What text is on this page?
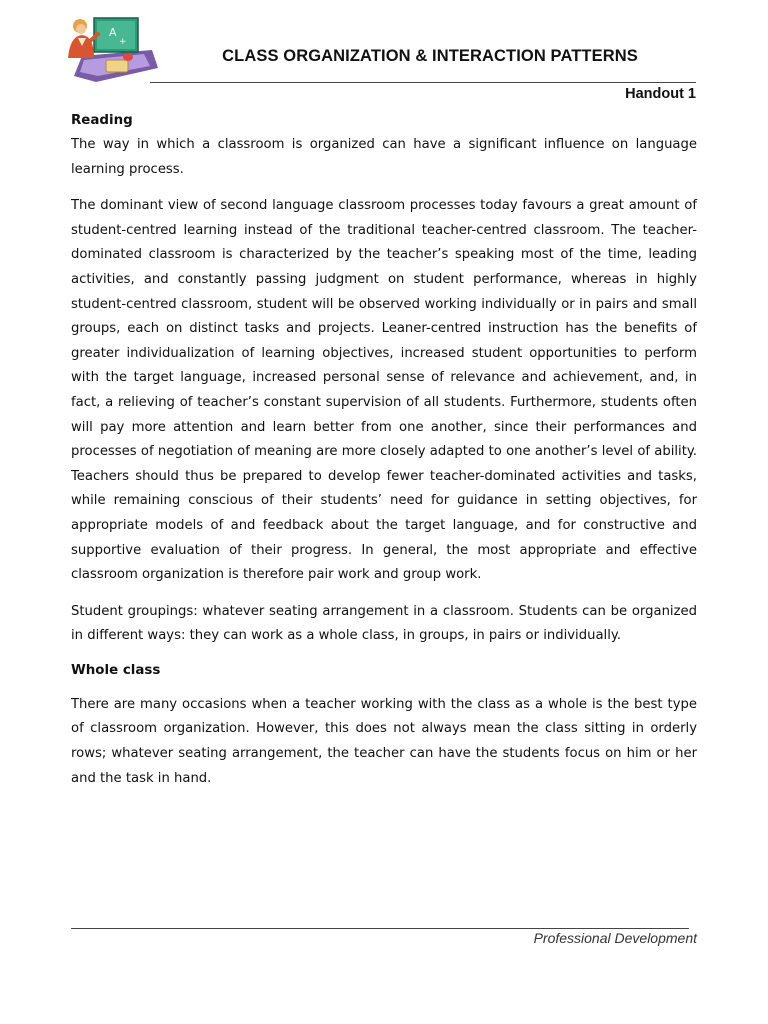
A
+
CLASS ORGANIZATION & INTERACTION PATTERNS
Handout 1
Reading

The way in which a classroom is organized can have a significant influence on language learning process.

The dominant view of second language classroom processes today favours a great amount of student-centred learning instead of the traditional teacher-centred classroom. The teacher-dominated classroom is characterized by the teacher’s speaking most of the time, leading activities, and constantly passing judgment on student performance, whereas in highly student-centred classroom, student will be observed working individually or in pairs and small groups, each on distinct tasks and projects. Leaner-centred instruction has the benefits of greater individualization of learning objectives, increased student opportunities to perform with the target language, increased personal sense of relevance and achievement, and, in fact, a relieving of teacher’s constant supervision of all students. Furthermore, students often will pay more attention and learn better from one another, since their performances and processes of negotiation of meaning are more closely adapted to one another’s level of ability. Teachers should thus be prepared to develop fewer teacher-dominated activities and tasks, while remaining conscious of their students’ need for guidance in setting objectives, for appropriate models of and feedback about the target language, and for constructive and supportive evaluation of their progress. In general, the most appropriate and effective classroom organization is therefore pair work and group work.

Student groupings: whatever seating arrangement in a classroom. Students can be organized in different ways: they can work as a whole class, in groups, in pairs or individually.

Whole class

There are many occasions when a teacher working with the class as a whole is the best type of classroom organization. However, this does not always mean the class sitting in orderly rows; whatever seating arrangement, the teacher can have the students focus on him or her and the task in hand.

Professional Development
